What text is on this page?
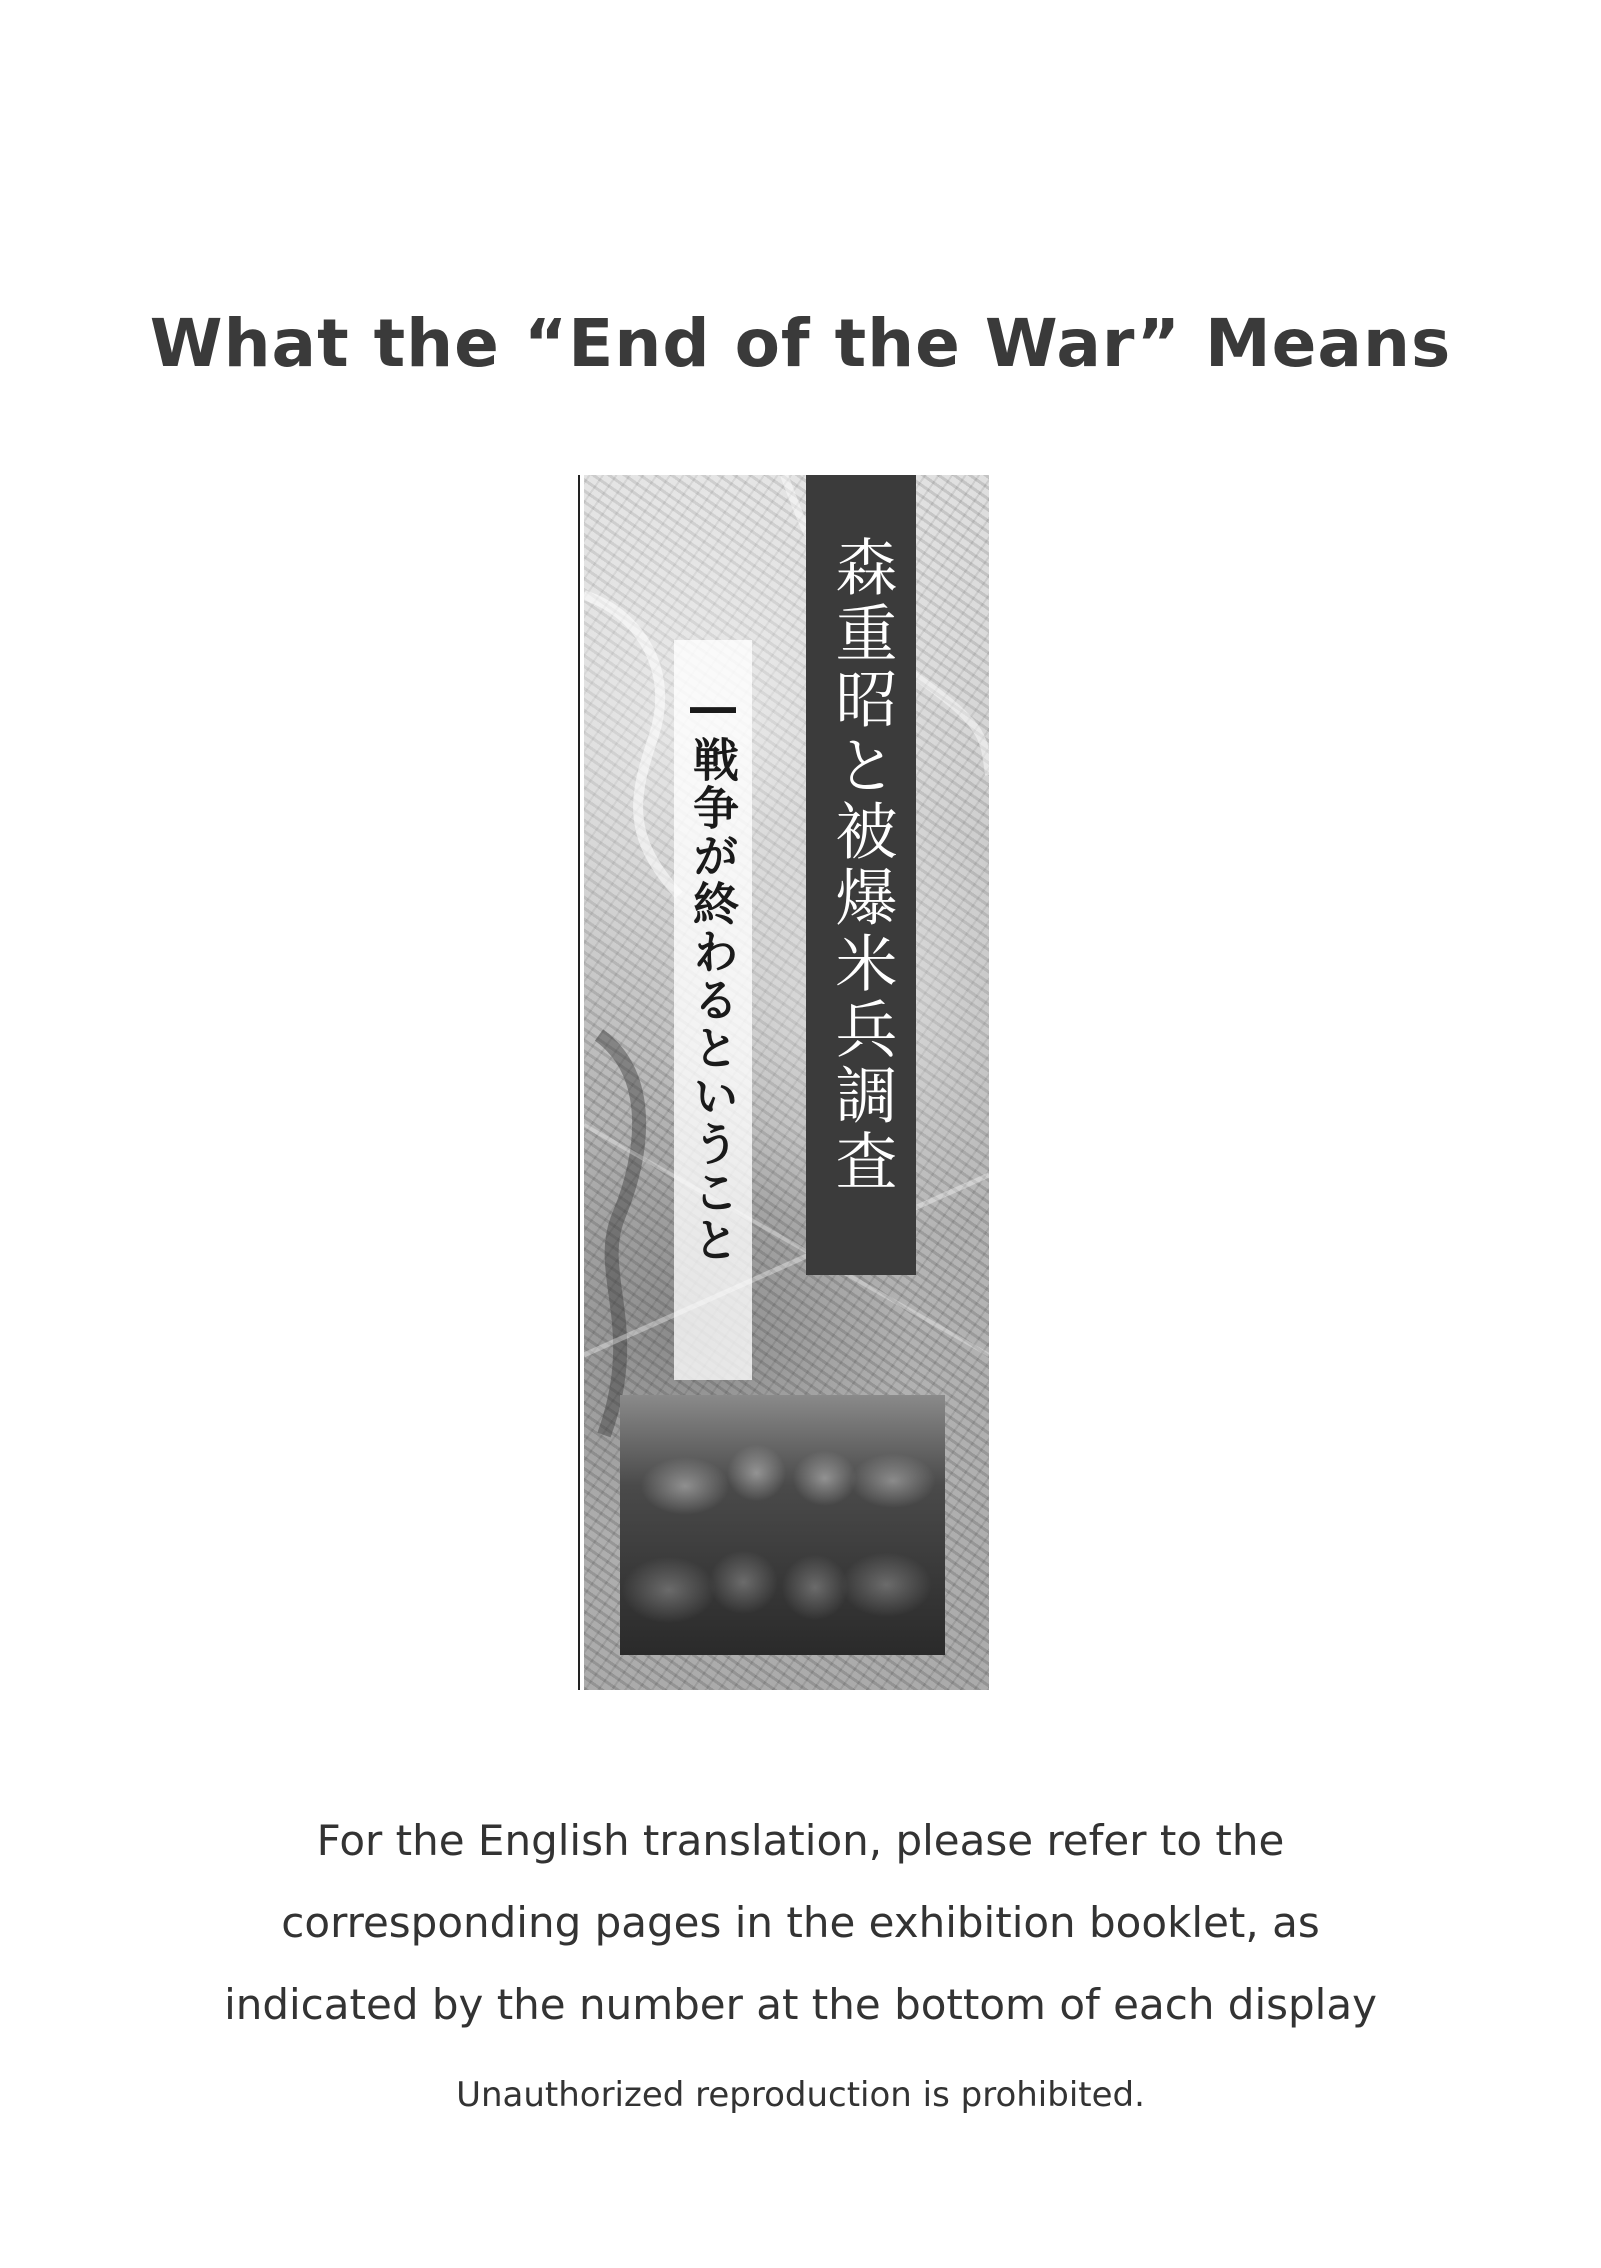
What the “End of the War” Means
森重昭と被爆米兵調査
―戦争が終わるということ

For the English translation, please refer to the
corresponding pages in the exhibition booklet, as
indicated by the number at the bottom of each display

Unauthorized reproduction is prohibited.
